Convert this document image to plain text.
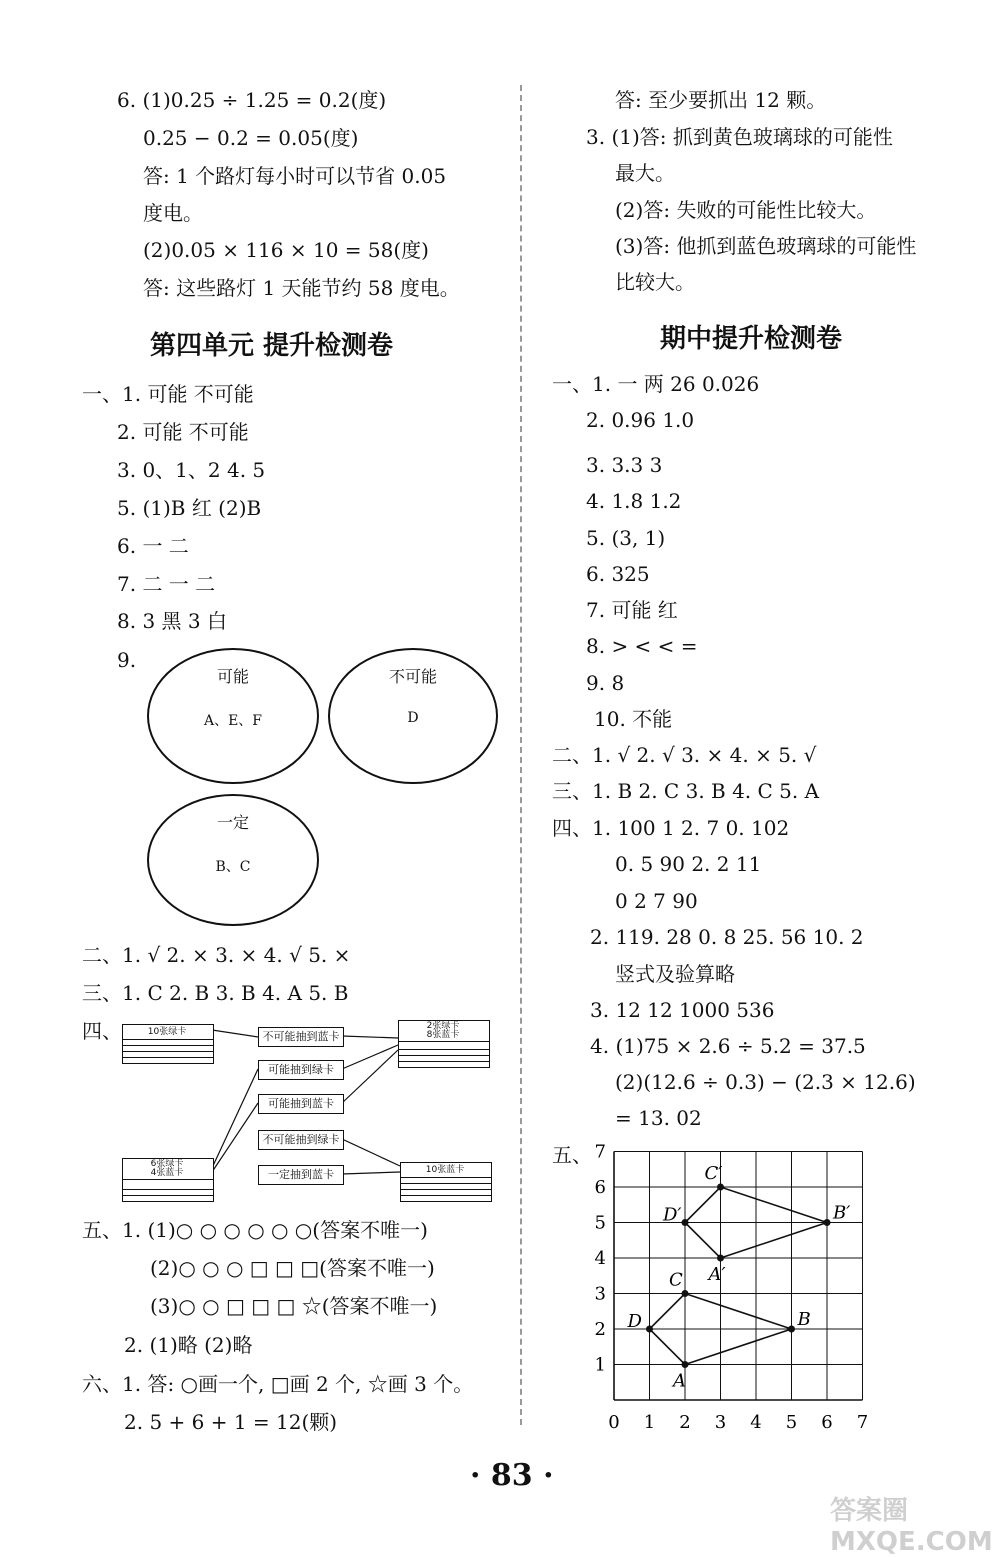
6. (1)0.25 ÷ 1.25 = 0.2(度)
0.25 − 0.2 = 0.05(度)
答: 1 个路灯每小时可以节省 0.05
度电。
(2)0.05 × 116 × 10 = 58(度)
答: 这些路灯 1 天能节约 58 度电。
第四单元 提升检测卷
一、1. 可能 不可能
2. 可能 不可能
3. 0、1、2 4. 5
5. (1)B 红 (2)B
6. 一 二
7. 二 一 二
8. 3 黑 3 白
9.
可能
A、E、F
不可能
D
一定
B、C
二、1. √ 2. × 3. × 4. √ 5. ×
三、1. C 2. B 3. B 4. A 5. B
四、	10张绿卡
2张绿卡
8张蓝卡
6张绿卡
4张蓝卡	10张蓝卡
不可能抽到蓝卡
可能抽到绿卡
可能抽到蓝卡
不可能抽到绿卡
一定抽到蓝卡
五、1. (1)○ ○ ○ ○ ○ ○(答案不唯一)
(2)○ ○ ○ □ □ □(答案不唯一)
(3)○ ○ □ □ □ ☆(答案不唯一)
2. (1)略 (2)略
六、1. 答: ○画一个, □画 2 个, ☆画 3 个。
2. 5 + 6 + 1 = 12(颗)
答: 至少要抓出 12 颗。
3. (1)答: 抓到黄色玻璃球的可能性
最大。
(2)答: 失败的可能性比较大。
(3)答: 他抓到蓝色玻璃球的可能性
比较大。
期中提升检测卷
一、1. 一 两 26 0.026
2. 0.96 1.0
3. 3.3 3
4. 1.8 1.2
5. (3, 1)
6. 325
7. 可能 红
8. > < < =
9. 8
10. 不能
二、1. √ 2. √ 3. × 4. × 5. √
三、1. B 2. C 3. B 4. C 5. A
四、1. 100 1 2. 7 0. 102
0. 5 90 2. 2 11
0 2 7 90
2. 119. 28 0. 8 25. 56 10. 2
竖式及验算略
3. 12 12 1000 536
4. (1)75 × 2.6 ÷ 5.2 = 37.5
(2)(12.6 ÷ 0.3) − (2.3 × 12.6)
= 13. 02
五、
0 1 2 3 4 5 6 7
1
2
3
4
5
6
7
A
B
C
D
A′
B′
C′
D′
· 83 ·
答案圈 MXQE.COM
